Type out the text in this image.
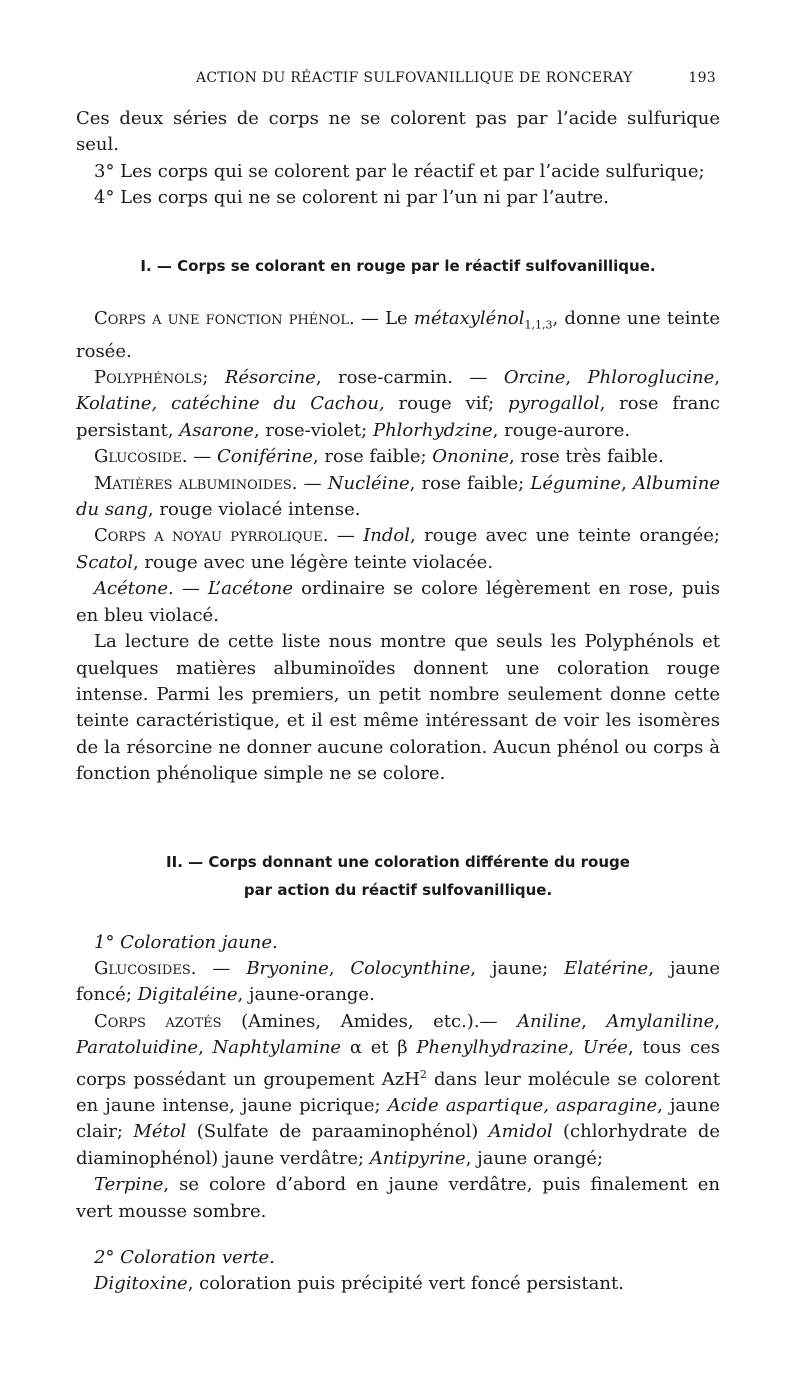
ACTION DU RÉACTIF SULFOVANILLIQUE DE RONCERAY	193

Ces deux séries de corps ne se colorent pas par l’acide sulfurique seul.

3° Les corps qui se colorent par le réactif et par l’acide sulfurique;

4° Les corps qui ne se colorent ni par l’un ni par l’autre.

I. — Corps se colorant en rouge par le réactif sulfovanillique.

Corps a une fonction phénol. — Le métaxylénol$_{1,1,3}$, donne une teinte rosée.

Polyphénols; Résorcine, rose-carmin. — Orcine, Phloroglucine, Kolatine, catéchine du Cachou, rouge vif; pyrogallol, rose franc persistant, Asarone, rose-violet; Phlorhydzine, rouge-aurore.

Glucoside. — Coniférine, rose faible; Ononine, rose très faible.

Matières albuminoides. — Nucléine, rose faible; Légumine, Albumine du sang, rouge violacé intense.

Corps a noyau pyrrolique. — Indol, rouge avec une teinte orangée; Scatol, rouge avec une légère teinte violacée.

Acétone. — L’acétone ordinaire se colore légèrement en rose, puis en bleu violacé.

La lecture de cette liste nous montre que seuls les Polyphénols et quelques matières albuminoïdes donnent une coloration rouge intense. Parmi les premiers, un petit nombre seulement donne cette teinte caractéristique, et il est même intéressant de voir les isomères de la résorcine ne donner aucune coloration. Aucun phénol ou corps à fonction phénolique simple ne se colore.

II. — Corps donnant une coloration différente du rouge

par action du réactif sulfovanillique.

1° Coloration jaune.

Glucosides. — Bryonine, Colocynthine, jaune; Elatérine, jaune foncé; Digitaléine, jaune-orange.

Corps azotés (Amines, Amides, etc.).— Aniline, Amylaniline, Paratoluidine, Naphtylamine α et β Phenylhydrazine, Urée, tous ces corps possédant un groupement AzH$^2$ dans leur molécule se colorent en jaune intense, jaune picrique; Acide aspartique, asparagine, jaune clair; Métol (Sulfate de paraaminophénol) Amidol (chlorhydrate de diaminophénol) jaune verdâtre; Antipyrine, jaune orangé;

Terpine, se colore d’abord en jaune verdâtre, puis finalement en vert mousse sombre.

2° Coloration verte.

Digitoxine, coloration puis précipité vert foncé persistant.
